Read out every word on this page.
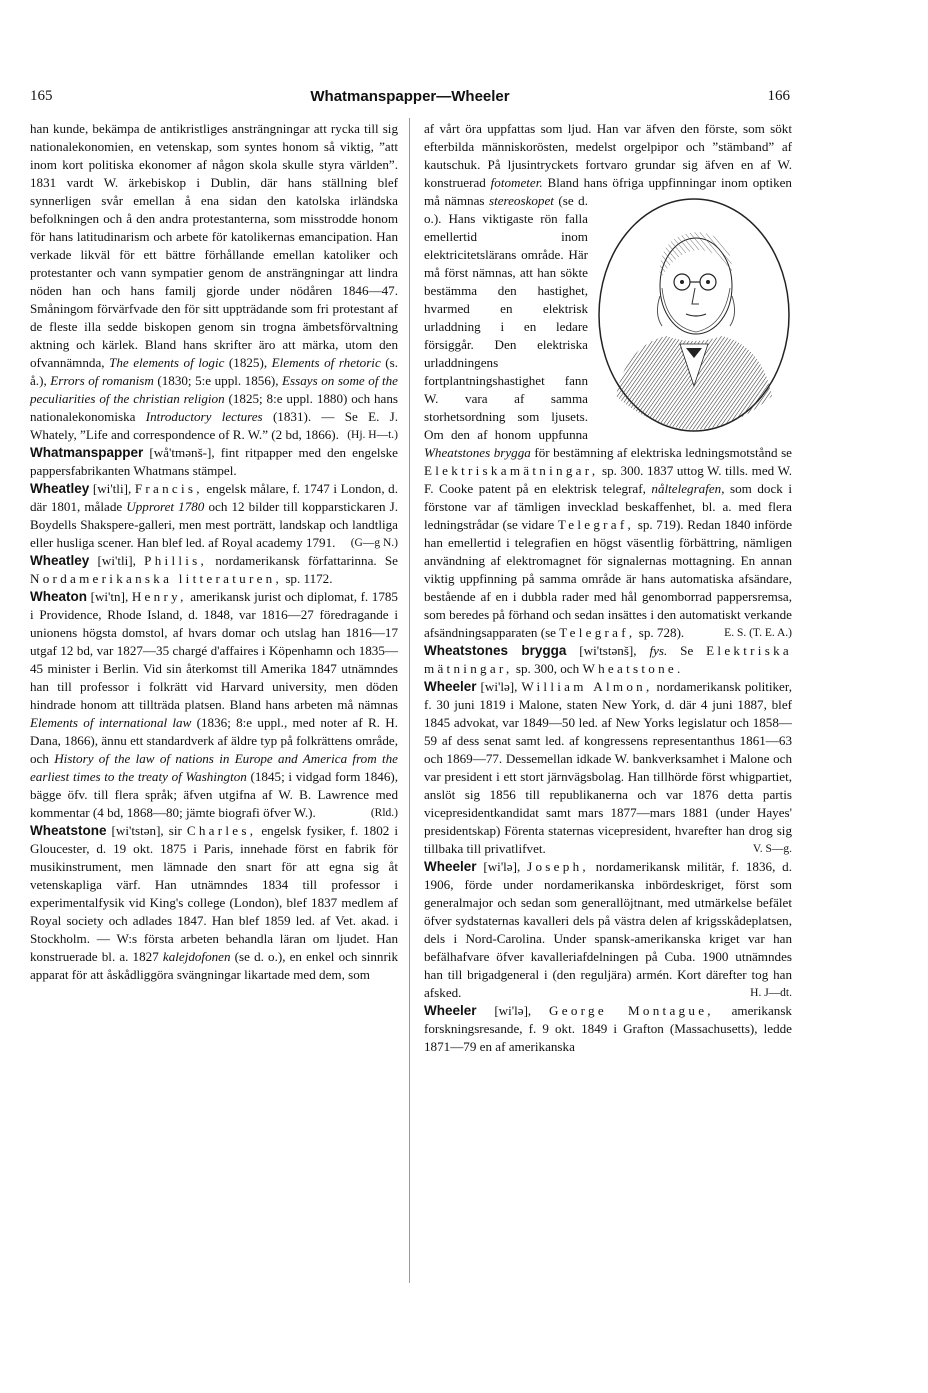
165	Whatmanspapper—Wheeler	166

han kunde, bekämpa de antikristliges ansträngningar att rycka till sig nationalekonomien, en vetenskap, som syntes honom så viktig, ”att inom kort politiska ekonomer af någon skola skulle styra världen”. 1831 vardt W. ärkebiskop i Dublin, där hans ställning blef synnerligen svår emellan å ena sidan den katolska irländska befolkningen och å den andra protestanterna, som misstrodde honom för hans latitudinarism och arbete för katolikernas emancipation. Han verkade likväl för ett bättre förhållande emellan katoliker och protestanter och vann sympatier genom de ansträngningar att lindra nöden han och hans familj gjorde under nödåren 1846—47. Småningom förvärfvade den för sitt uppträdande som fri protestant af de fleste illa sedde biskopen genom sin trogna ämbetsförvaltning aktning och kärlek. Bland hans skrifter äro att märka, utom den ofvannämnda, The elements of logic (1825), Elements of rhetoric (s. å.), Errors of romanism (1830; 5:e uppl. 1856), Essays on some of the peculiarities of the christian religion (1825; 8:e uppl. 1880) och hans nationalekonomiska Introductory lectures (1831). — Se E. J. Whately, ”Life and correspondence of R. W.” (2 bd, 1866). (Hj. H—t.)

Whatmanspapper [wå'tmənš-], fint ritpapper med den engelske pappersfabrikanten Whatmans stämpel.

Wheatley [wi'tli], Francis, engelsk målare, f. 1747 i London, d. där 1801, målade Upproret 1780 och 12 bilder till kopparstickaren J. Boydells Shakspere-galleri, men mest porträtt, landskap och landtliga eller husliga scener. Han blef led. af Royal academy 1791. (G—g N.)

Wheatley [wi'tli], Phillis, nordamerikansk författarinna. Se Nordamerikanska litteraturen, sp. 1172.

Wheaton [wi'tn], Henry, amerikansk jurist och diplomat, f. 1785 i Providence, Rhode Island, d. 1848, var 1816—27 föredragande i unionens högsta domstol, af hvars domar och utslag han 1816—17 utgaf 12 bd, var 1827—35 chargé d'affaires i Köpenhamn och 1835—45 minister i Berlin. Vid sin återkomst till Amerika 1847 utnämndes han till professor i folkrätt vid Harvard university, men döden hindrade honom att tillträda platsen. Bland hans arbeten må nämnas Elements of international law (1836; 8:e uppl., med noter af R. H. Dana, 1866), ännu ett standardverk af äldre typ på folkrättens område, och History of the law of nations in Europe and America from the earliest times to the treaty of Washington (1845; i vidgad form 1846), bägge öfv. till flera språk; äfven utgifna af W. B. Lawrence med kommentar (4 bd, 1868—80; jämte biografi öfver W.).	(Rld.)

Wheatstone [wi'tstən], sir Charles, engelsk fysiker, f. 1802 i Gloucester, d. 19 okt. 1875 i Paris, innehade först en fabrik för musikinstrument, men lämnade den snart för att egna sig åt vetenskapliga värf. Han utnämndes 1834 till professor i experimentalfysik vid King's college (London), blef 1837 medlem af Royal society och adlades 1847. Han blef 1859 led. af Vet. akad. i Stockholm. — W:s första arbeten behandla läran om ljudet. Han konstruerade bl. a. 1827 kalejdofonen (se d. o.), en enkel och sinnrik apparat för att åskådliggöra svängningar likartade med dem, som

af vårt öra uppfattas som ljud. Han var äfven den förste, som sökt efterbilda människorösten, medelst orgelpipor och ”stämband” af kautschuk. På ljusintryckets fortvaro grundar sig äfven en af W. konstruerad fotometer. Bland hans öfriga uppfinningar inom optiken må nämnas stereoskopet (se d. o.). Hans viktigaste rön falla emellertid inom elektricitetslärans område. Här må först nämnas, att han sökte bestämma den hastighet, hvarmed en elektrisk urladdning i en ledare försiggår. Den elektriska urladdningens fortplantningshastighet fann W. vara af samma storhetsordning som ljusets. Om den af honom uppfunna Wheatstones brygga för bestämning af elektriska ledningsmotstånd se Elektriskamätningar, sp. 300. 1837 uttog W. tills. med W. F. Cooke patent på en elektrisk telegraf, nåltelegrafen, som dock i förstone var af tämligen invecklad beskaffenhet, bl. a. med flera ledningstrådar (se vidare Telegraf, sp. 719). Redan 1840 införde han emellertid i telegrafien en högst väsentlig förbättring, nämligen användning af elektromagnet för signalernas mottagning. En annan viktig uppfinning på samma område är hans automatiska afsändare, bestående af en i dubbla rader med hål genomborrad pappersremsa, som beredes på förhand och sedan insättes i den automatiskt verkande afsändningsapparaten (se Telegraf, sp. 728).	E. S. (T. E. A.)

Wheatstones brygga [wi'tstənš], fys. Se Elektriska mätningar, sp. 300, och Wheatstone.

Wheeler [wi'lə], William Almon, nordamerikansk politiker, f. 30 juni 1819 i Malone, staten New York, d. där 4 juni 1887, blef 1845 advokat, var 1849—50 led. af New Yorks legislatur och 1858—59 af dess senat samt led. af kongressens representanthus 1861—63 och 1869—77. Dessemellan idkade W. bankverksamhet i Malone och var president i ett stort järnvägsbolag. Han tillhörde först whigpartiet, anslöt sig 1856 till republikanerna och var 1876 detta partis vicepresidentkandidat samt mars 1877—mars 1881 (under Hayes' presidentskap) Förenta staternas vicepresident, hvarefter han drog sig tillbaka till privatlifvet.	V. S—g.

Wheeler [wi'lə], Joseph, nordamerikansk militär, f. 1836, d. 1906, förde under nordamerikanska inbördeskriget, först som generalmajor och sedan som generallöjtnant, med utmärkelse befälet öfver sydstaternas kavalleri dels på västra delen af krigsskådeplatsen, dels i Nord-Carolina. Under spansk-amerikanska kriget var han befälhafvare öfver kavalleriafdelningen på Cuba. 1900 utnämndes han till brigadgeneral i (den reguljära) armén. Kort därefter tog han afsked.	H. J—dt.

Wheeler [wi'lə], George Montague, amerikansk forskningsresande, f. 9 okt. 1849 i Grafton (Massachusetts), ledde 1871—79 en af amerikanska
